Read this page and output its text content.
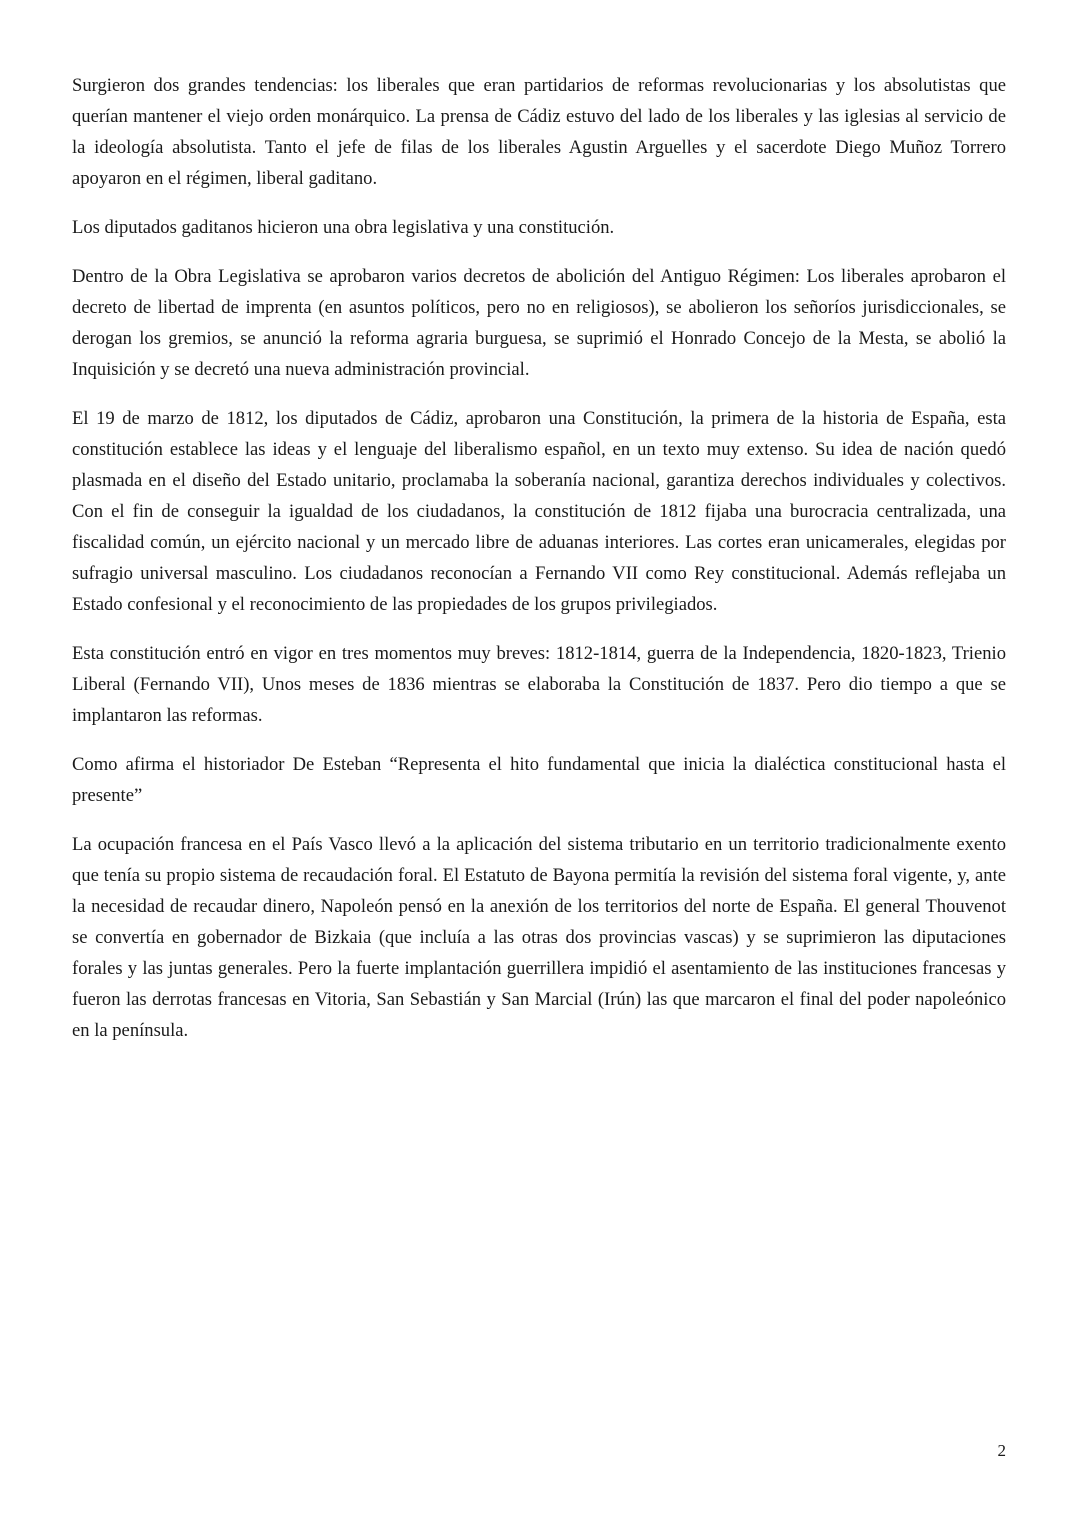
Surgieron dos grandes tendencias: los liberales que eran partidarios de reformas revolucionarias y los absolutistas que querían mantener el viejo orden monárquico. La prensa de Cádiz estuvo del lado de los liberales y las iglesias al servicio de la ideología absolutista. Tanto el jefe de filas de los liberales Agustin Arguelles y el sacerdote Diego Muñoz Torrero apoyaron en el régimen, liberal gaditano.

Los diputados gaditanos hicieron una obra legislativa y una constitución.

Dentro de la Obra Legislativa se aprobaron varios decretos de abolición del Antiguo Régimen: Los liberales aprobaron el decreto de libertad de imprenta (en asuntos políticos, pero no en religiosos), se abolieron los señoríos jurisdiccionales, se derogan los gremios, se anunció la reforma agraria burguesa, se suprimió el Honrado Concejo de la Mesta, se abolió la Inquisición y se decretó una nueva administración provincial.

El 19 de marzo de 1812, los diputados de Cádiz, aprobaron una Constitución, la primera de la historia de España, esta constitución establece las ideas y el lenguaje del liberalismo español, en un texto muy extenso. Su idea de nación quedó plasmada en el diseño del Estado unitario, proclamaba la soberanía nacional, garantiza derechos individuales y colectivos. Con el fin de conseguir la igualdad de los ciudadanos, la constitución de 1812 fijaba una burocracia centralizada, una fiscalidad común, un ejército nacional y un mercado libre de aduanas interiores. Las cortes eran unicamerales, elegidas por sufragio universal masculino. Los ciudadanos reconocían a Fernando VII como Rey constitucional. Además reflejaba un Estado confesional y el reconocimiento de las propiedades de los grupos privilegiados.

Esta constitución entró en vigor en tres momentos muy breves: 1812-1814, guerra de la Independencia, 1820-1823, Trienio Liberal (Fernando VII), Unos meses de 1836 mientras se elaboraba la Constitución de 1837. Pero dio tiempo a que se implantaron las reformas.

Como afirma el historiador De Esteban “Representa el hito fundamental que inicia la dialéctica constitucional hasta el presente”

La ocupación francesa en el País Vasco llevó a la aplicación del sistema tributario en un territorio tradicionalmente exento que tenía su propio sistema de recaudación foral. El Estatuto de Bayona permitía la revisión del sistema foral vigente, y, ante la necesidad de recaudar dinero, Napoleón pensó en la anexión de los territorios del norte de España. El general Thouvenot se convertía en gobernador de Bizkaia (que incluía a las otras dos provincias vascas) y se suprimieron las diputaciones forales y las juntas generales. Pero la fuerte implantación guerrillera impidió el asentamiento de las instituciones francesas y fueron las derrotas francesas en Vitoria, San Sebastián y San Marcial (Irún) las que marcaron el final del poder napoleónico en la península.

2
